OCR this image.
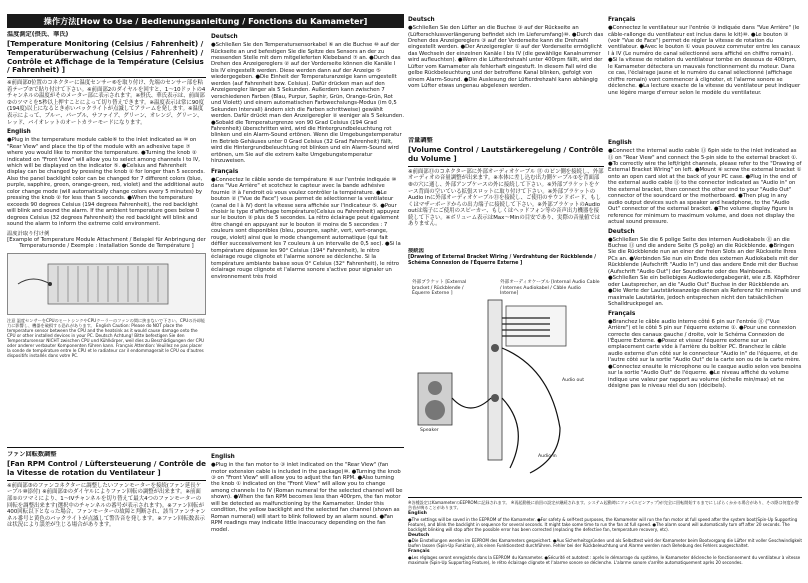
操作方法[How to Use / Bedienungsanleitung / Fonctions du Kamameter]
温度測定(摂氏、華氏)
[Temperature Monitoring (Celsius / Fahrenheit) / Temperaturüberwachung (Celsius / Fahrenheit) / Contrôle et Affichage de la Température (Celsius / Fahrenheit) ]

※前面部0位置のコネクターに温度センサー⑥を取り付け、先端のセンサー部を粘着テープ⑦で貼り付けて下さい。※前面部2のダイヤルを回すと、1～10ドットの4チャンネルの温度がそのメーター部に表示されます。※摂氏、華氏表示は、前面部②のツマミを5秒以上押すことによって切り替えできます。※温度表示は常に90度(194度)以上になるとき赤いバックライトが点滅してアラームを発します。※温度表示によって、ブルー、パープル、サファイア、グリーン、オレンジ、グリーン、レッド、バイオレットのオートカラーモードになります。

English

●Plug in the temperature module cable⑥ to the inlet indicated as ⑩ on "Rear View" and place the tip of the module with an adhesive tape ⑦ where you would like to monitor the temperature. ●Turning the knob ② indicated on "Front View" will allow you to select among channels I to IV, which will be displayed on the indicator ⑤. ●Celsius and Fahrenheit display can be changed by pressing the knob ② for longer than 5 seconds. Also the panel backlight color can be changed for 7 different colors (blue, purple, sapphire, green, orange-green, red, violet) and the additional auto color change mode (will automatically change colors every 5 minutes) by pressing the knob ② for less than 5 seconds. ●When the temperature exceeds 90 degrees Celsius (194 degrees Fahrenheit), the red backlight will blink and sound the alarm. If the ambient temperature goes below 0 degrees Celsius (32 degrees Fahrenheit) the red backlight will blink and sound the alarm to inform the extreme cold environment.

温度計取り付け例
[Example of Temperature Module Attachment / Beispiel für Anbringung der Temperatursonde / Exemple : Installation Sonde de Température ]

注意 温度センサーをCPUのヒートシンクやCPUクーラーのファンの間に挟まないで下さい。CPUの冷却能力に影響し、機器を破損する恐れがあります。 English Caution: Please do NOT place the temperature sensor between the CPU and the heatsink as it would cause damage onto the CPU or other installed devices in your PC. Deutsch Achtung! Bitte befestigen Sie den Temperatursensor NICHT zwischen CPU und Kühlkörper, weil dies zu Beschädigungen der CPU oder anderer verbauter Komponenten führen kann. Français Attention: Veuillez ne pas placer la sonde de température entre le CPU et le radiateur car il endommagerait le CPU ou d'autres dispositifs installés dans votre PC.

Deutsch

●Schließen Sie den Temperatursensorkabel ⑥ an die Buchse ⑩ auf der Rückseite an und befestigen Sie die Spitze des Sensors an der zu messenden Stelle mit dem mitgelieferten Klebeband ⑦ an. ●Durch das Drehen des Anzeigereglers ② auf der Vorderseite können die Kanäle I bis IV eingestellt werden. Diese werden dann auf der Anzeige ⑤ wiedergegeben. ●Die Einheit der Temperaturanzeige kann umgestellt werden (auf Fahrenheit bzw. Celsius). Dafür drücken man auf den Anzeigeregler länger als 5 Sekunden. Außerdem kann zwischen 7 verschiedenen Farben (Blau, Purpur, Saphir, Grün, Orange-Grün, Rot und Violett) und einem automatischen Farbwechslungs-Modus (im 0,5 Sekunden Intervall) ändern sich die Farben schrittweise) gewählt werden. Dafür drückt man den Anzeigeregler ② weniger als 5 Sekunden. ●Sobald die Temperaturgrenze von 90 Grad Celsius (194 Grad Fahrenheit) überschritten wird, wird die Hintergrundbeleuchtung rot blinken und ein Alarm-Sound ertönen. Wenn die Umgebungstemperatur im Betrieb Gehäuses unter 0 Grad Celsius (32 Grad Fahrenheit) fällt, wird die Hintergrundbeleuchtung rot blinken und ein Alarm-Sound wird ertönen, um Sie auf die extrem kalte Umgebungstemperatur hinzuweisen.

Français

●Connectez le câble sonde de température ⑥ sur l'entrée indiquée ⑩ dans "Vue Arrière" et scotchez le capteur avec la bande adhésive fournie ⑦ à l'endroit où vous voulez contrôler la température. ●Le bouton ② ("Vue de Face") vous permet de sélectionner la ventilateur (canal de I à IV) dont la vitesse sera affichée sur l'indicateur ⑤. ●Pour choisir le type d'affichage température(Celsius ou Fahrenheit) appuyez sur le bouton ② plus de 5 secondes. La rétro éclairage peut également être changé en appuyant sur le bouton ② moins de 5 secondes : 7 couleurs sont disponibles (bleu, pourpre, saphir, vert, vert-orange, rouge, violet) ainsi que le mode changement automatique (qui fait défiler successivement les 7 couleurs à un intervalle de 0,5 sec). ●Si la température dépasse les 90° Celsius (194° Fahrenheit), le rétro éclairage rouge clignote et l'alarme sonore se déclenche. Si la température ambiante baisse sous 0° Celsius (32° Fahrenheit), le rétro éclairage rouge clignote et l'alarme sonore s'active pour signaler un environnement très froid

ファン回転数調整
[Fan RPM Control / Lüftersteuerung / Contrôle de la Vitesse de rotation du Ventilateur ]

※前面部③のファンコネクターに調整したいファンモーターを接続(ファン延長ケーブル⑩添付) ※前面部②のダイヤルによりファン回転の調整が出来ます。※前面部①のツマミにより、1～IVチャンネルを切り替えて最大4つのファンモーターの回転を調整出来ます(選択中のチャンネルの番号が表示されます)。※ファン回転が400回転以下となった場合、ファンモーターの故障と判断され、該当ファンチャンネル番号と黄色のバックライトが点滅して警告音を発します。※ファン回転数表示は状況により誤差が生じる場合があります。

English

●Plug in the fan motor to ③ inlet indicated on the "Rear View" (fan motor extension cable is included in the package)⑩. ●Turning the knob ③ on "Front View" will allow you to adjust the fan RPM. ●Also turning the knob ① indicated on the "Front View" will allow you to change among channels I to IV (Roman numeral for the selected channel will be shown). ●When the fan RPM becomes less than 400rpm, the fan motor will be detected as malfunctioning by the Kamameter. Under this condition, the yellow backlight and the selected fan channel (shown as Roman numeral) will start to blink followed by an alarm sound. ●Fan RPM readings may indicate little inaccuracy depending on the fan model.

Deutsch

●Schließen Sie den Lüfter an die Buchse ③ auf der Rückseite an (Lüfterschlussverlängerung befindet sich im Lieferumfang)⑩. ●Durch das Drehen des Anzeigereglers ③ auf der Vorderseite kann die Drehzahl eingestellt werden. ●Der Anzeigeregler ① auf der Vorderseite ermöglicht das Wechseln der einzelnen Kanäle I bis IV (die gewählige Kanalnummer wird aufleuchten). ●Wenn die Lüfterdrehzahl unter 400rpm fällt, wird der Lüfter vom Kamameter als fehlerhaft eingestuft. In diesem Fall wird die gelbe Rückbeleuchtung und der betroffene Kanal blinken, gefolgt von einem Alarm-Sound. ●Die Auslesung der Lüfterdrehzahl kann abhängig vom Lüfter etwas ungenau abgelesen werden.

Français

●Connectez le ventilateur sur l'entrée ③ indiquée dans "Vue Arrière" (le câble-rallonge du ventilateur est inclus dans le kit)⑩. ●Le bouton ③ (voir "Vue de Face") permet de régler la vitesse de rotation du ventilateur. ●Avec le bouton ① vous pouvez commuter entre les canaux I à IV (Le numéro de canal sélectionné sera affiché en chiffre romain). ●Si la vitesse de rotation du ventilateur tombe en dessous de 400rpm, le Kamameter détectera un mauvais fonctionnement du moteur. Dans ce cas, l'éclairage jaune et le numéro du canal sélectionné (affichage chiffre romain) vont commencer à clignoter, et l'alarme sonore se déclenche. ●La lecture exacte de la vitesse du ventilateur peut indiquer une légère marge d'erreur selon le modèle du ventilateur.

音量調整
[Volume Control / Lautstärkeregelung / Contrôle du Volume ]

※前面部⑪のコネクター部に外部オーディオケーブル ⑪ のピン側を接続し、外部オーディオの音量調整が出来ます。※本体に差し込む出力側ケーブル①を背面部⑧の穴に通し、外部アンプケースの外に接続して下さい。※外部ブラケットをケース背面の空いている拡張スロットに取り付けて下さい。※外部ブラケットのAudio inに外部オーディオケーブル⑪を接続し、ご使用のサウンドボード、もしくはマザーボードからの出力端子に接続して下さい。※外部ブラケットのAudio outは端子にご使用のスピーカー、もしくはヘッドフォン等の音声出力機器を接続して下さい。※ボリューム表示はMax～Minの目安であり、実際の音量値ではありません。

接続図
[Drawing of External Bracket Wiring / Verdrahtung der Rückblende / Schéma Connexion de l'Équerre Externe ]
外部ブラケット [External bracket / Rückblende / Équerre Externe ]
外部オーディオケーブル [Internal Audio Cable / Internes Audiokabel / Câble Audio Interne]
Speaker
Audio out
Audio in
English

●Connect the internal audio cable ⑪ 6pin side to the inlet indicated as ⑪ on "Rear View" and connect the 5-pin side to the external bracket ①. ●To correctly wire the left/right channels, please refer to the "Drawing of External Bracket Wiring" on left. ●Mount ⑧ screw the external bracket ① onto an open card slot at the back of your PC case. ●Plug in the end of the external audio cable ⑪ to the connector indicated as "Audio in" on the external bracket, then connect the other end to your "Audio Out" connector of the soundcard or the motherboard. ●Then plug in any audio output devices such as speaker and headphone, to the "Audio Out" connector of the external bracket. ●The volume display figure is reference for minimum to maximum volume, and does not display the actual sound pressure.

Deutsch

●Schließen Sie die 6 polige Seite des internen Audiokabels ⑪ an die Buchse ⑪ und die andere Seite (5 polig) an die Rückblende. ●Bringen Sie die Rückblende nun an einer der freien Slots an der Rückseite Ihres PCs an. ●Verbinden Sie nun ein Ende des externen Audiokabels mit der Rückblende (Aufschrift "Audio In") und das andere Ende mit der Buchse (Aufschrift "Audio Out") der Soundkarte oder des Mainboards. ●Schließen Sie ein beliebiges Audiowiedergabegerät, wie z.B. Köpfhörer oder Lautsprecher, an die "Audio Out" Buchse in der Rückblende an. ●Die Werte der Lautstärkeanzeige dienen als Referenz für minimale und maximale Lautstärke, jedoch entsprechen nicht den tatsächlichen Schalldruckpegel an.

Français

●Branchez le câble audio interne côté 6 pin sur l'entrée ⑪ ("Vue Arrière") et le côté 5 pin sur l'équerre externe ①. ●Pour une connexion correcte des canaux gauche / droite, voir le Schéma Connexion de l'Équerre Externe. ●Posez et vissez l'équerre externe sur un emplacement carte vide à l'arrière du boîtier PC. Branchez le câble audio externe d'un côté sur le connecteur "Audio in" de l'équerre, et de l'autre côté sur la sortie "Audio Out" de la carte son ou de la carte mère. ●Connectez ensuite le microphone ou le casque audio selon vos besoins sur la sortie "Audio Out" de l'équerre. ●Le niveau affiché du volume indique une valeur par rapport au volume (échelle min/max) et ne désigne pas le niveau réel du son (décibels).

※各種設定はKamameterのEEPROMに記録されます。 ※再起動後に前回の設定が継続されます。システム起動時にファン(スピンアップ)が完全に回転開始するまでにしばらくかかる場合があり、その際は何度か警告音が鳴ることがあります。

English

●The settings will be saved in the EEPROM of the Kamameter. ●For safety & self-test purposes, the Kamameter will run the fan motor at full speed after the system boot(Spin-Up Supporting Feature), and blink the backlight in sequence for several seconds. It might take some time to run the fan at full speed. ●The alarm sound will automatically turn off after 20 seconds. The backlight blinking will stop after the possible error has been corrected (replacing the defective fan, temperature recovery, etc).

Deutsch

●Die Einstellungen werden im EEPROM des Kamameters gespeichert. ●Aus Sicherheitsgründen und als Selbsttest wird der Kamameter beim Bootvorgang die Lüfter mit voller Geschwindigkeit laufen lassen (Spin-Up Funktion), als einen Funktionstest durchführen. Fehler bei der Rückbeleuchtung und Alarme werden nach Behebung des Fehlers ausgeschaltet.

Français

●Les réglages seront enregistrés dans la EEPROM du Kamameter. ●Sécurité et autotest : après le démarrage du système, le Kamameter déclenche le fonctionnement du ventilateur à vitesse maximale (Spin-Up Supporting Feature), le rétro éclairage clignote et l'alarme sonore se déclenche. L'alarme sonore s'arrête automatiquement après 20 secondes.
